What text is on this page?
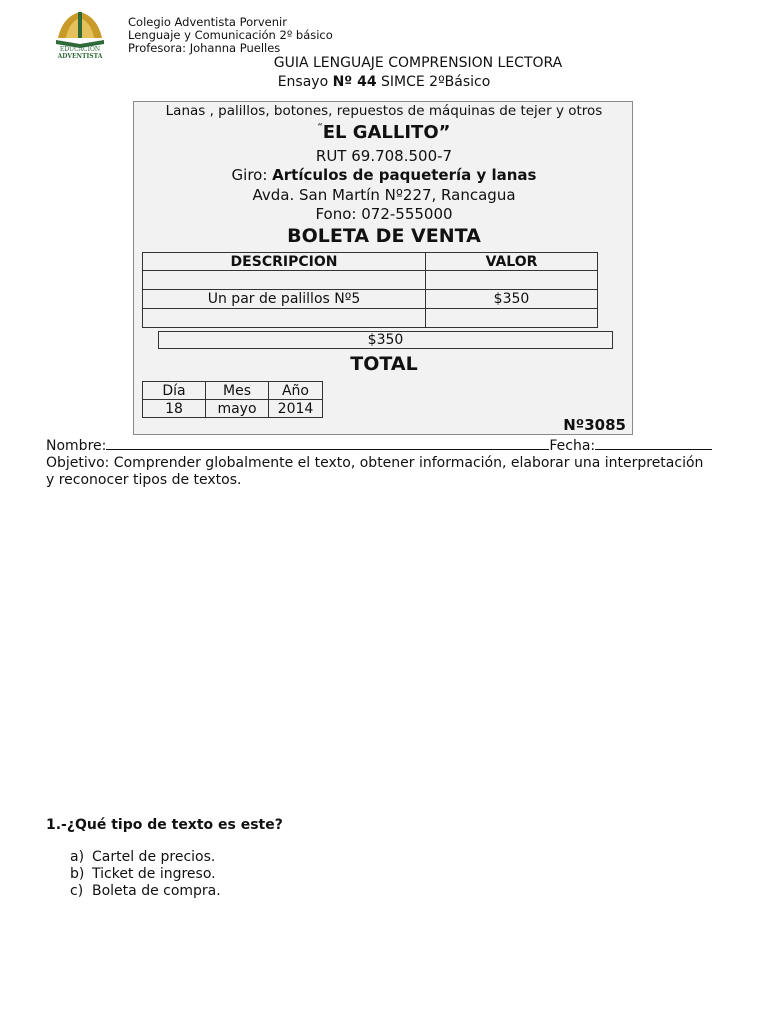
EDUCACIÓN
ADVENTISTA
Colegio Adventista Porvenir
Lenguaje y Comunicación 2º básico
Profesora: Johanna Puelles
GUIA LENGUAJE COMPRENSION LECTORA
Ensayo Nº 44 SIMCE 2ºBásico
Lanas , palillos, botones, repuestos de máquinas de tejer y otros
“EL GALLITO”
RUT 69.708.500-7
Giro: Artículos de paquetería y lanas
Avda. San Martín Nº227, Rancagua
Fono: 072-555000
BOLETA DE VENTA
DESCRIPCION	VALOR

Un par de palillos Nº5	$350

$350
TOTAL
Día	Mes	Año
18	mayo	2014
Nº3085
Nombre:	Fecha:
Objetivo: Comprender globalmente el texto, obtener información, elaborar una interpretación
y reconocer tipos de textos.
1.-¿Qué tipo de texto es este?
a) Cartel de precios.
b) Ticket de ingreso.
c) Boleta de compra.
